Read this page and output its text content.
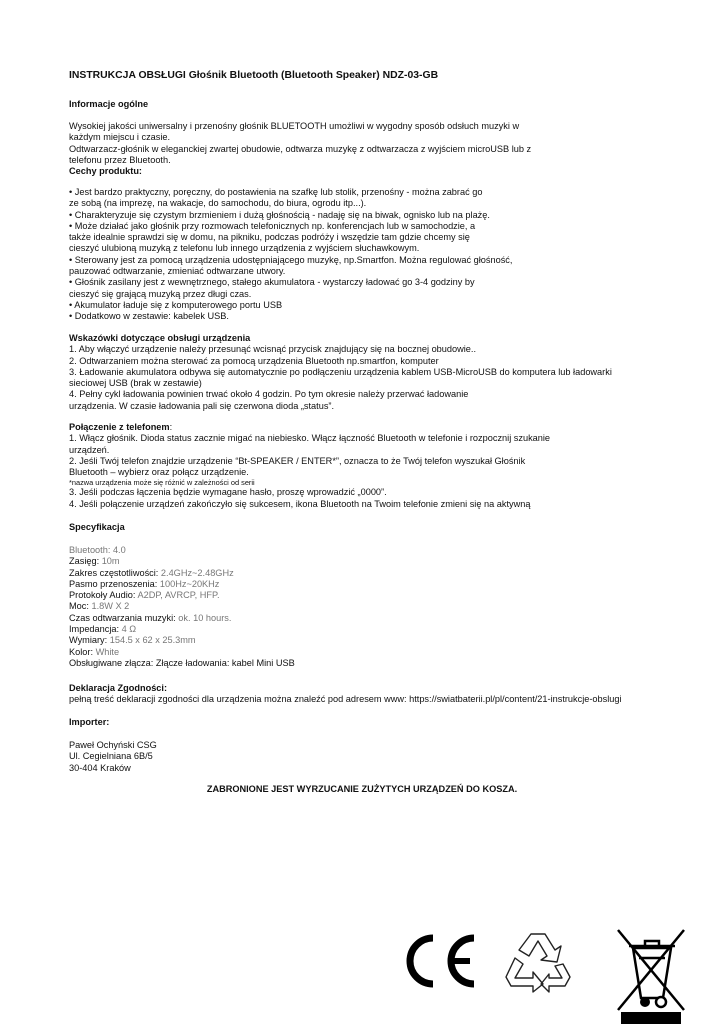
INSTRUKCJA OBSŁUGI Głośnik Bluetooth (Bluetooth Speaker) NDZ-03-GB
Informacje ogólne
Wysokiej jakości uniwersalny i przenośny głośnik BLUETOOTH umożliwi w wygodny sposób odsłuch muzyki w
każdym miejscu i czasie.
Odtwarzacz-głośnik w eleganckiej zwartej obudowie, odtwarza muzykę z odtwarzacza z wyjściem microUSB lub z
telefonu przez Bluetooth.
Cechy produktu:
• Jest bardzo praktyczny, poręczny, do postawienia na szafkę lub stolik, przenośny - można zabrać go
ze sobą (na imprezę, na wakacje, do samochodu, do biura, ogrodu itp...).
• Charakteryzuje się czystym brzmieniem i dużą głośnością - nadaję się na biwak, ognisko lub na plażę.
• Może działać jako głośnik przy rozmowach telefonicznych np. konferencjach lub w samochodzie, a
także idealnie sprawdzi się w domu, na pikniku, podczas podróży i wszędzie tam gdzie chcemy się
cieszyć ulubioną muzyką z telefonu lub innego urządzenia z wyjściem słuchawkowym.
• Sterowany jest za pomocą urządzenia udostępniającego muzykę, np.Smartfon. Można regulować głośność,
pauzować odtwarzanie, zmieniać odtwarzane utwory.
• Głośnik zasilany jest z wewnętrznego, stałego akumulatora - wystarczy ładować go 3-4 godziny by
cieszyć się grającą muzyką przez długi czas.
• Akumulator ładuje się z komputerowego portu USB
• Dodatkowo w zestawie: kabelek USB.
Wskazówki dotyczące obsługi urządzenia
1. Aby włączyć urządzenie należy przesunąć wcisnąć przycisk znajdujący się na bocznej obudowie..
2. Odtwarzaniem można sterować za pomocą urządzenia Bluetooth np.smartfon, komputer
3. Ładowanie akumulatora odbywa się automatycznie po podłączeniu urządzenia kablem USB-MicroUSB do komputera lub ładowarki
sieciowej USB (brak w zestawie)
4. Pełny cykl ładowania powinien trwać około 4 godzin. Po tym okresie należy przerwać ładowanie
urządzenia. W czasie ładowania pali się czerwona dioda „status”.
Połączenie z telefonem:
1. Włącz głośnik. Dioda status zacznie migać na niebiesko. Włącz łączność Bluetooth w telefonie i rozpocznij szukanie
urządzeń.
2. Jeśli Twój telefon znajdzie urządzenie “Bt-SPEAKER / ENTER*”, oznacza to że Twój telefon wyszukał Głośnik
Bluetooth – wybierz oraz połącz urządzenie.
*nazwa urządzenia może się różnić w zależności od serii
3. Jeśli podczas łączenia będzie wymagane hasło, proszę wprowadzić „0000”.
4. Jeśli połączenie urządzeń zakończyło się sukcesem, ikona Bluetooth na Twoim telefonie zmieni się na aktywną
Specyfikacja
Bluetooth: 4.0
Zasięg: 10m
Zakres częstotliwości: 2.4GHz~2.48GHz
Pasmo przenoszenia: 100Hz~20KHz
Protokoły Audio: A2DP, AVRCP, HFP.
Moc: 1.8W X 2
Czas odtwarzania muzyki: ok. 10 hours.
Impedancja: 4 Ω
Wymiary: 154.5 x 62 x 25.3mm
Kolor: White
Obsługiwane złącza: Złącze ładowania: kabel Mini USB
Deklaracja Zgodności:
pełną treść deklaracji zgodności dla urządzenia można znaleźć pod adresem www: https://swiatbaterii.pl/pl/content/21-instrukcje-obslugi
Importer:
Paweł Ochyński CSG
Ul. Cegielniana 6B/5
30-404 Kraków
ZABRONIONE JEST WYRZUCANIE ZUŻYTYCH URZĄDZEŃ DO KOSZA.
